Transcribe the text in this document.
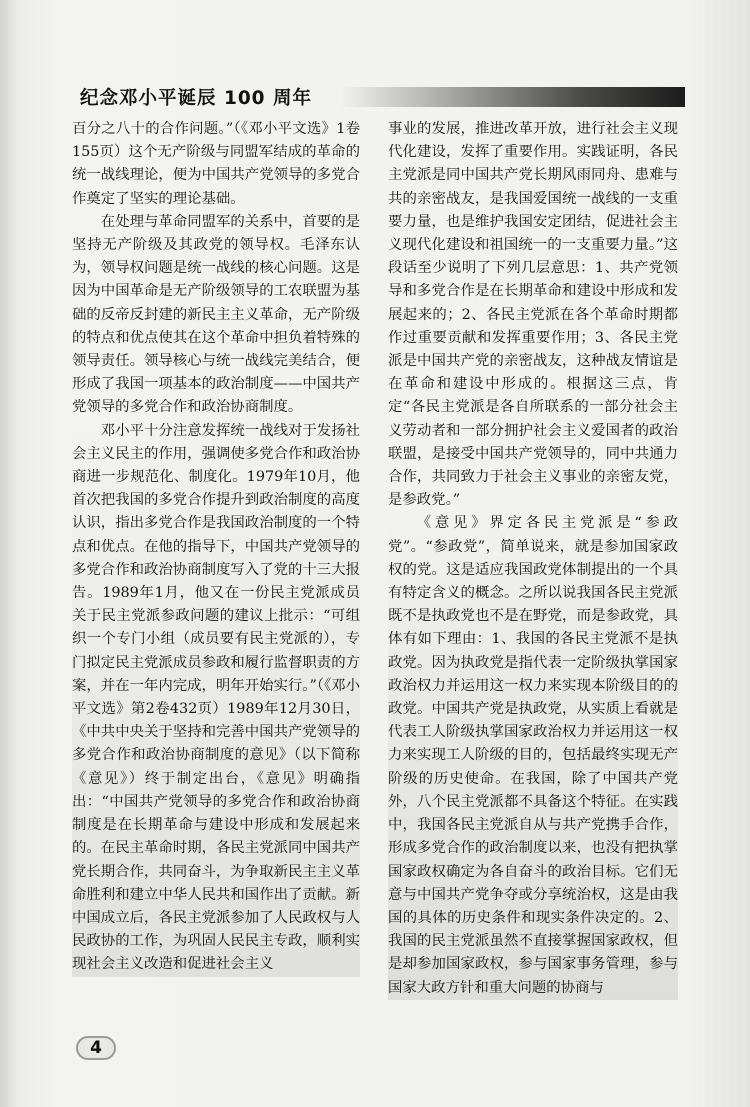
纪念邓小平诞辰 100 周年

百分之八十的合作问题。”（《邓小平文选》1卷155页）这个无产阶级与同盟军结成的革命的统一战线理论，便为中国共产党领导的多党合作奠定了坚实的理论基础。

在处理与革命同盟军的关系中，首要的是坚持无产阶级及其政党的领导权。毛泽东认为，领导权问题是统一战线的核心问题。这是因为中国革命是无产阶级领导的工农联盟为基础的反帝反封建的新民主主义革命，无产阶级的特点和优点使其在这个革命中担负着特殊的领导责任。领导核心与统一战线完美结合，便形成了我国一项基本的政治制度——中国共产党领导的多党合作和政治协商制度。

邓小平十分注意发挥统一战线对于发扬社会主义民主的作用，强调使多党合作和政治协商进一步规范化、制度化。1979年10月，他首次把我国的多党合作提升到政治制度的高度认识，指出多党合作是我国政治制度的一个特点和优点。在他的指导下，中国共产党领导的多党合作和政治协商制度写入了党的十三大报告。1989年1月，他又在一份民主党派成员关于民主党派参政问题的建议上批示：“可组织一个专门小组（成员要有民主党派的），专门拟定民主党派成员参政和履行监督职责的方案，并在一年内完成，明年开始实行。”（《邓小平文选》第2卷432页）1989年12月30日，《中共中央关于坚持和完善中国共产党领导的多党合作和政治协商制度的意见》（以下简称《意见》）终于制定出台，《意见》明确指出：“中国共产党领导的多党合作和政治协商制度是在长期革命与建设中形成和发展起来的。在民主革命时期，各民主党派同中国共产党长期合作，共同奋斗，为争取新民主主义革命胜利和建立中华人民共和国作出了贡献。新中国成立后，各民主党派参加了人民政权与人民政协的工作，为巩固人民民主专政，顺利实现社会主义改造和促进社会主义

事业的发展，推进改革开放，进行社会主义现代化建设，发挥了重要作用。实践证明，各民主党派是同中国共产党长期风雨同舟、患难与共的亲密战友，是我国爱国统一战线的一支重要力量，也是维护我国安定团结，促进社会主义现代化建设和祖国统一的一支重要力量。”这段话至少说明了下列几层意思：1、共产党领导和多党合作是在长期革命和建设中形成和发展起来的；2、各民主党派在各个革命时期都作过重要贡献和发挥重要作用；3、各民主党派是中国共产党的亲密战友，这种战友情谊是在革命和建设中形成的。根据这三点，肯定“各民主党派是各自所联系的一部分社会主义劳动者和一部分拥护社会主义爱国者的政治联盟，是接受中国共产党领导的，同中共通力合作，共同致力于社会主义事业的亲密友党，是参政党。”

《意见》界定各民主党派是“参政党”。“参政党”，简单说来，就是参加国家政权的党。这是适应我国政党体制提出的一个具有特定含义的概念。之所以说我国各民主党派既不是执政党也不是在野党，而是参政党，具体有如下理由：1、我国的各民主党派不是执政党。因为执政党是指代表一定阶级执掌国家政治权力并运用这一权力来实现本阶级目的的政党。中国共产党是执政党，从实质上看就是代表工人阶级执掌国家政治权力并运用这一权力来实现工人阶级的目的，包括最终实现无产阶级的历史使命。在我国，除了中国共产党外，八个民主党派都不具备这个特征。在实践中，我国各民主党派自从与共产党携手合作，形成多党合作的政治制度以来，也没有把执掌国家政权确定为各自奋斗的政治目标。它们无意与中国共产党争夺或分享统治权，这是由我国的具体的历史条件和现实条件决定的。2、我国的民主党派虽然不直接掌握国家政权，但是却参加国家政权，参与国家事务管理，参与国家大政方针和重大问题的协商与

4
